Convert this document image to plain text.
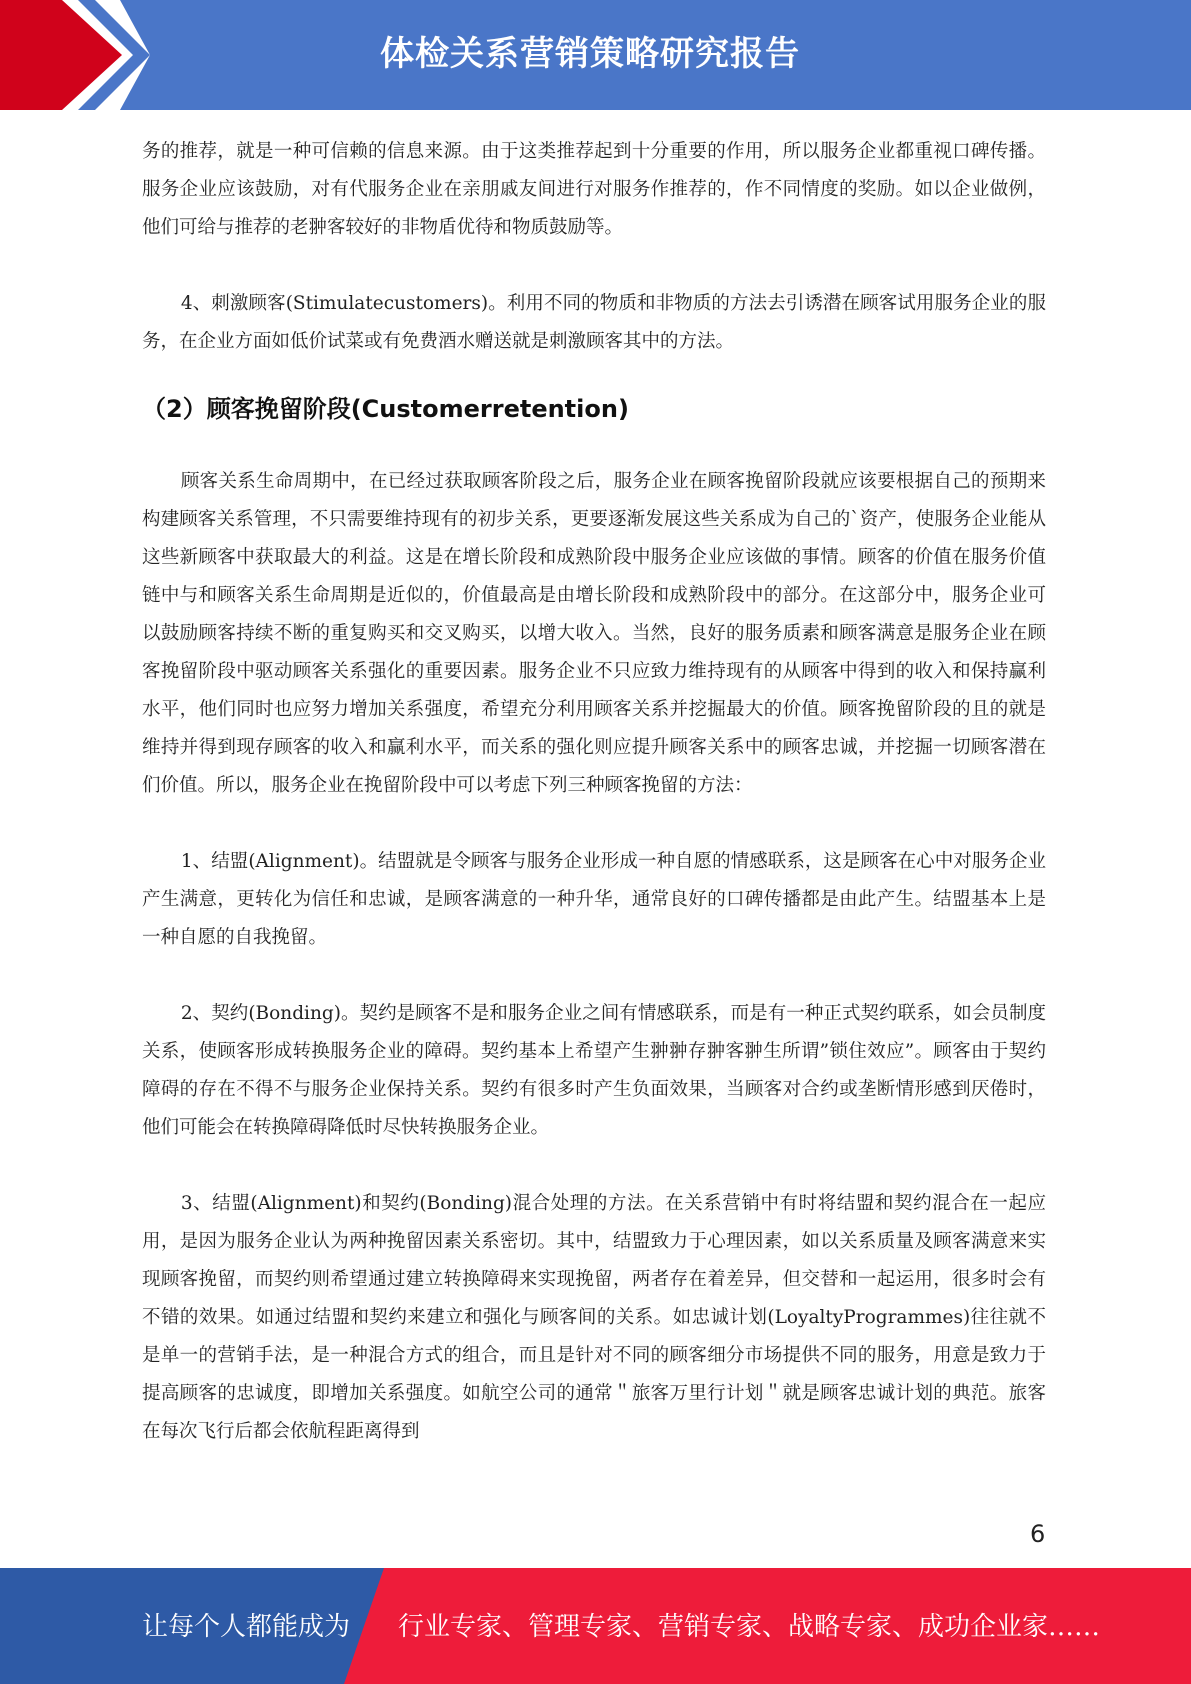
体检关系营销策略研究报告

务的推荐，就是一种可信赖的信息来源。由于这类推荐起到十分重要的作用，所以服务企业都重视口碑传播。服务企业应该鼓励，对有代服务企业在亲朋戚友间进行对服务作推荐的，作不同情度的奖励。如以企业做例，他们可给与推荐的老翀客较好的非物盾优待和物质鼓励等。

4、刺激顾客(Stimulatecustomers)。利用不同的物质和非物质的方法去引诱潜在顾客试用服务企业的服务，在企业方面如低价试菜或有免费酒水赠送就是刺激顾客其中的方法。

（2）顾客挽留阶段(Customerretention)

顾客关系生命周期中，在已经过获取顾客阶段之后，服务企业在顾客挽留阶段就应该要根据自己的预期来构建顾客关系管理，不只需要维持现有的初步关系，更要逐渐发展这些关系成为自己的`资产，使服务企业能从这些新顾客中获取最大的利益。这是在增长阶段和成熟阶段中服务企业应该做的事情。顾客的价值在服务价值链中与和顾客关系生命周期是近似的，价值最高是由增长阶段和成熟阶段中的部分。在这部分中，服务企业可以鼓励顾客持续不断的重复购买和交叉购买，以增大收入。当然，良好的服务质素和顾客满意是服务企业在顾客挽留阶段中驱动顾客关系强化的重要因素。服务企业不只应致力维持现有的从顾客中得到的收入和保持赢利水平，他们同时也应努力增加关系强度，希望充分利用顾客关系并挖掘最大的价值。顾客挽留阶段的且的就是维持并得到现存顾客的收入和赢利水平，而关系的强化则应提升顾客关系中的顾客忠诚，并挖掘一切顾客潜在们价值。所以，服务企业在挽留阶段中可以考虑下列三种顾客挽留的方法：

1、结盟(Alignment)。结盟就是令顾客与服务企业形成一种自愿的情感联系，这是顾客在心中对服务企业产生满意，更转化为信任和忠诚，是顾客满意的一种升华，通常良好的口碑传播都是由此产生。结盟基本上是一种自愿的自我挽留。

2、契约(Bonding)。契约是顾客不是和服务企业之间有情感联系，而是有一种正式契约联系，如会员制度关系，使顾客形成转换服务企业的障碍。契约基本上希望产生翀翀存翀客翀生所谓”锁住效应”。顾客由于契约障碍的存在不得不与服务企业保持关系。契约有很多时产生负面效果，当顾客对合约或垄断情形感到厌倦时，他们可能会在转换障碍降低时尽快转换服务企业。

3、结盟(Alignment)和契约(Bonding)混合处理的方法。在关系营销中有时将结盟和契约混合在一起应用，是因为服务企业认为两种挽留因素关系密切。其中，结盟致力于心理因素，如以关系质量及顾客满意来实现顾客挽留，而契约则希望通过建立转换障碍来实现挽留，两者存在着差异，但交替和一起运用，很多时会有不错的效果。如通过结盟和契约来建立和强化与顾客间的关系。如忠诚计划(LoyaltyProgrammes)往往就不是单一的营销手法，是一种混合方式的组合，而且是针对不同的顾客细分市场提供不同的服务，用意是致力于提高顾客的忠诚度，即增加关系强度。如航空公司的通常＂旅客万里行计划＂就是顾客忠诚计划的典范。旅客在每次飞行后都会依航程距离得到

6
让每个人都能成为 行业专家、管理专家、营销专家、战略专家、成功企业家……
